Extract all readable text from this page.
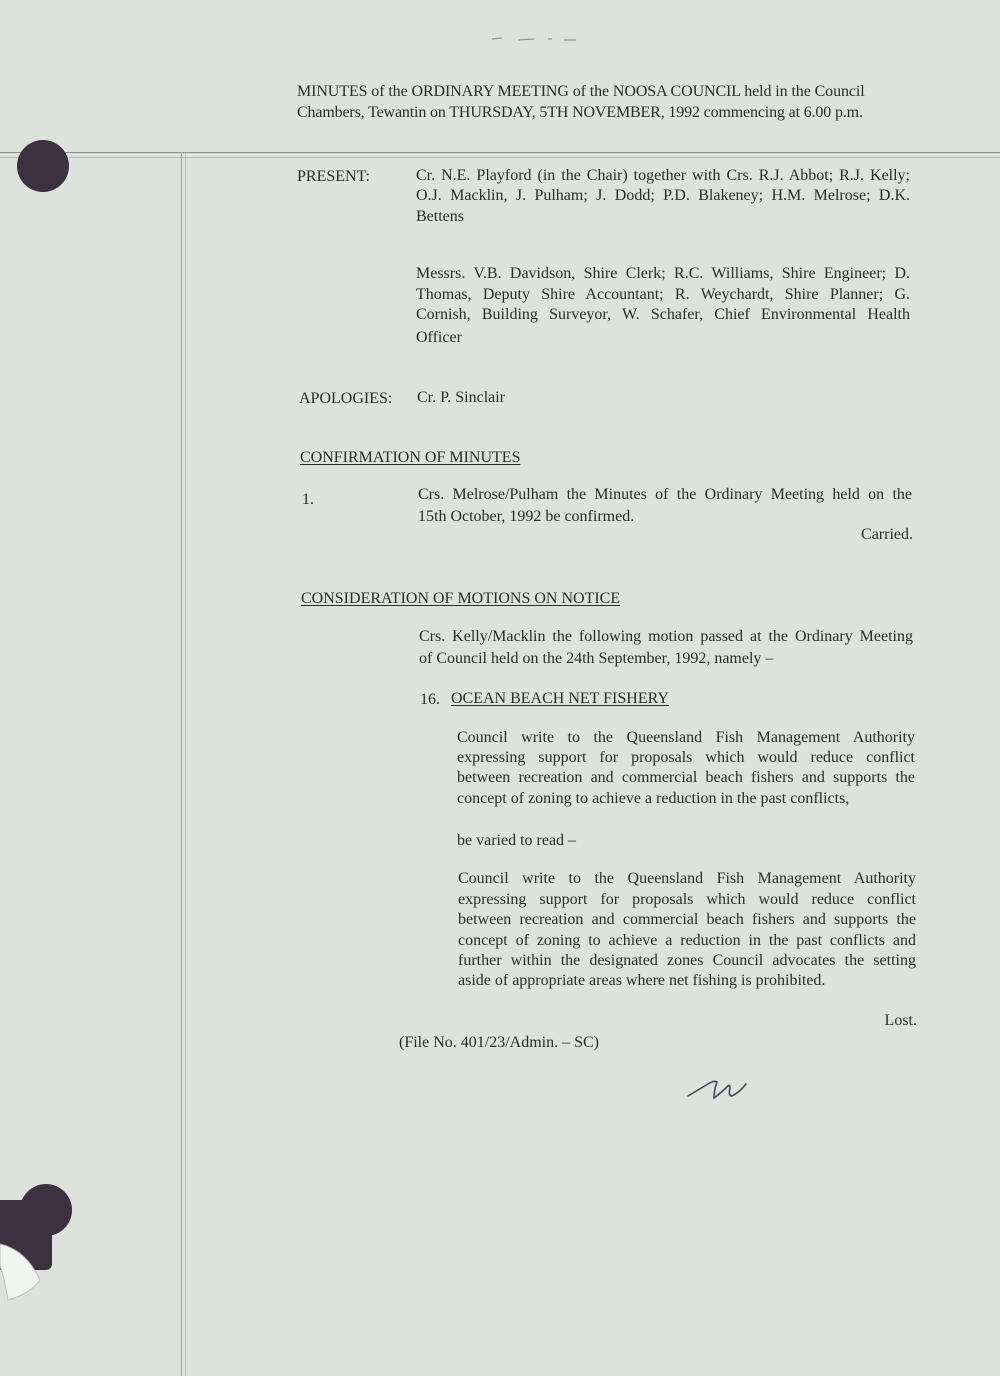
MINUTES of the ORDINARY MEETING of the NOOSA COUNCIL held in the Council
Chambers, Tewantin on THURSDAY, 5TH NOVEMBER, 1992 commencing at 6.00 p.m.
PRESENT:	Cr. N.E. Playford (in the Chair) together with Crs. R.J. Abbot; R.J. Kelly;
O.J. Macklin, J. Pulham; J. Dodd; P.D. Blakeney; H.M. Melrose; D.K.
Bettens
Messrs. V.B. Davidson, Shire Clerk; R.C. Williams, Shire Engineer; D.
Thomas, Deputy Shire Accountant; R. Weychardt, Shire Planner; G.
Cornish, Building Surveyor, W. Schafer, Chief Environmental Health
Officer
APOLOGIES: Cr. P. Sinclair
CONFIRMATION OF MINUTES
1.	Crs. Melrose/Pulham the Minutes of the Ordinary Meeting held on the
15th October, 1992 be confirmed.
Carried.
CONSIDERATION OF MOTIONS ON NOTICE
Crs. Kelly/Macklin the following motion passed at the Ordinary Meeting
of Council held on the 24th September, 1992, namely –
16. OCEAN BEACH NET FISHERY
Council write to the Queensland Fish Management Authority
expressing support for proposals which would reduce conflict
between recreation and commercial beach fishers and supports the
concept of zoning to achieve a reduction in the past conflicts,
be varied to read –
Council write to the Queensland Fish Management Authority
expressing support for proposals which would reduce conflict
between recreation and commercial beach fishers and supports the
concept of zoning to achieve a reduction in the past conflicts and
further within the designated zones Council advocates the setting
aside of appropriate areas where net fishing is prohibited.
Lost.
(File No. 401/23/Admin. – SC)
